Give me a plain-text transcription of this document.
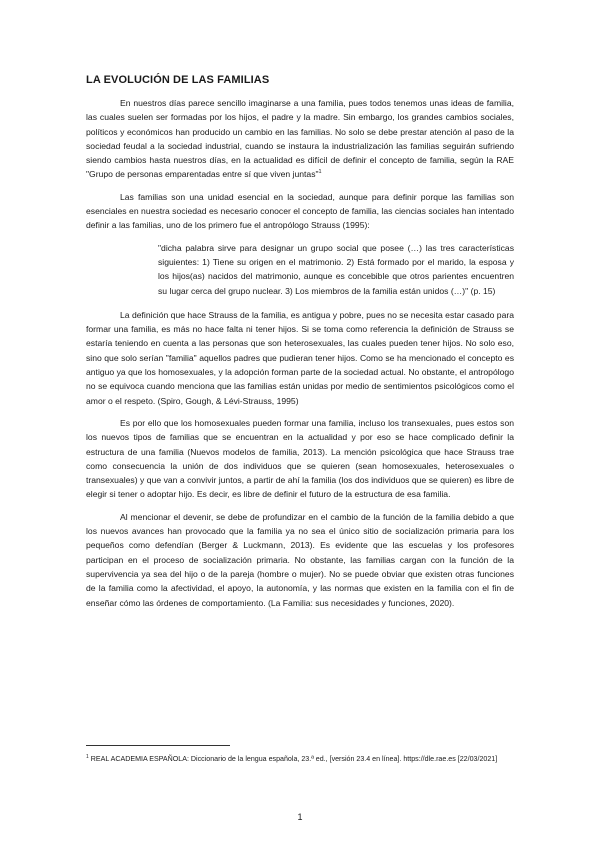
LA EVOLUCIÓN DE LAS FAMILIAS

En nuestros días parece sencillo imaginarse a una familia, pues todos tenemos unas ideas de familia, las cuales suelen ser formadas por los hijos, el padre y la madre. Sin embargo, los grandes cambios sociales, políticos y económicos han producido un cambio en las familias. No solo se debe prestar atención al paso de la sociedad feudal a la sociedad industrial, cuando se instaura la industrialización las familias seguirán sufriendo siendo cambios hasta nuestros días, en la actualidad es difícil de definir el concepto de familia, según la RAE "Grupo de personas emparentadas entre sí que viven juntas"$^1$

Las familias son una unidad esencial en la sociedad, aunque para definir porque las familias son esenciales en nuestra sociedad es necesario conocer el concepto de familia, las ciencias sociales han intentado definir a las familias, uno de los primero fue el antropólogo Strauss (1995):

"dicha palabra sirve para designar un grupo social que posee (…) las tres características siguientes: 1) Tiene su origen en el matrimonio. 2) Está formado por el marido, la esposa y los hijos(as) nacidos del matrimonio, aunque es concebible que otros parientes encuentren su lugar cerca del grupo nuclear. 3) Los miembros de la familia están unidos (…)" (p. 15)

La definición que hace Strauss de la familia, es antigua y pobre, pues no se necesita estar casado para formar una familia, es más no hace falta ni tener hijos. Si se toma como referencia la definición de Strauss se estaría teniendo en cuenta a las personas que son heterosexuales, las cuales pueden tener hijos. No solo eso, sino que solo serían "familia" aquellos padres que pudieran tener hijos. Como se ha mencionado el concepto es antiguo ya que los homosexuales, y la adopción forman parte de la sociedad actual. No obstante, el antropólogo no se equivoca cuando menciona que las familias están unidas por medio de sentimientos psicológicos como el amor o el respeto. (Spiro, Gough, & Lévi-Strauss, 1995)

Es por ello que los homosexuales pueden formar una familia, incluso los transexuales, pues estos son los nuevos tipos de familias que se encuentran en la actualidad y por eso se hace complicado definir la estructura de una familia (Nuevos modelos de familia, 2013). La mención psicológica que hace Strauss trae como consecuencia la unión de dos individuos que se quieren (sean homosexuales, heterosexuales o transexuales) y que van a convivir juntos, a partir de ahí la familia (los dos individuos que se quieren) es libre de elegir si tener o adoptar hijo. Es decir, es libre de definir el futuro de la estructura de esa familia.

Al mencionar el devenir, se debe de profundizar en el cambio de la función de la familia debido a que los nuevos avances han provocado que la familia ya no sea el único sitio de socialización primaria para los pequeños como defendían (Berger & Luckmann, 2013). Es evidente que las escuelas y los profesores participan en el proceso de socialización primaria. No obstante, las familias cargan con la función de la supervivencia ya sea del hijo o de la pareja (hombre o mujer). No se puede obviar que existen otras funciones de la familia como la afectividad, el apoyo, la autonomía, y las normas que existen en la familia con el fin de enseñar cómo las órdenes de comportamiento. (La Familia: sus necesidades y funciones, 2020).

$^1$ REAL ACADEMIA ESPAÑOLA: Diccionario de la lengua española, 23.ª ed., [versión 23.4 en línea]. https://dle.rae.es [22/03/2021]
1
